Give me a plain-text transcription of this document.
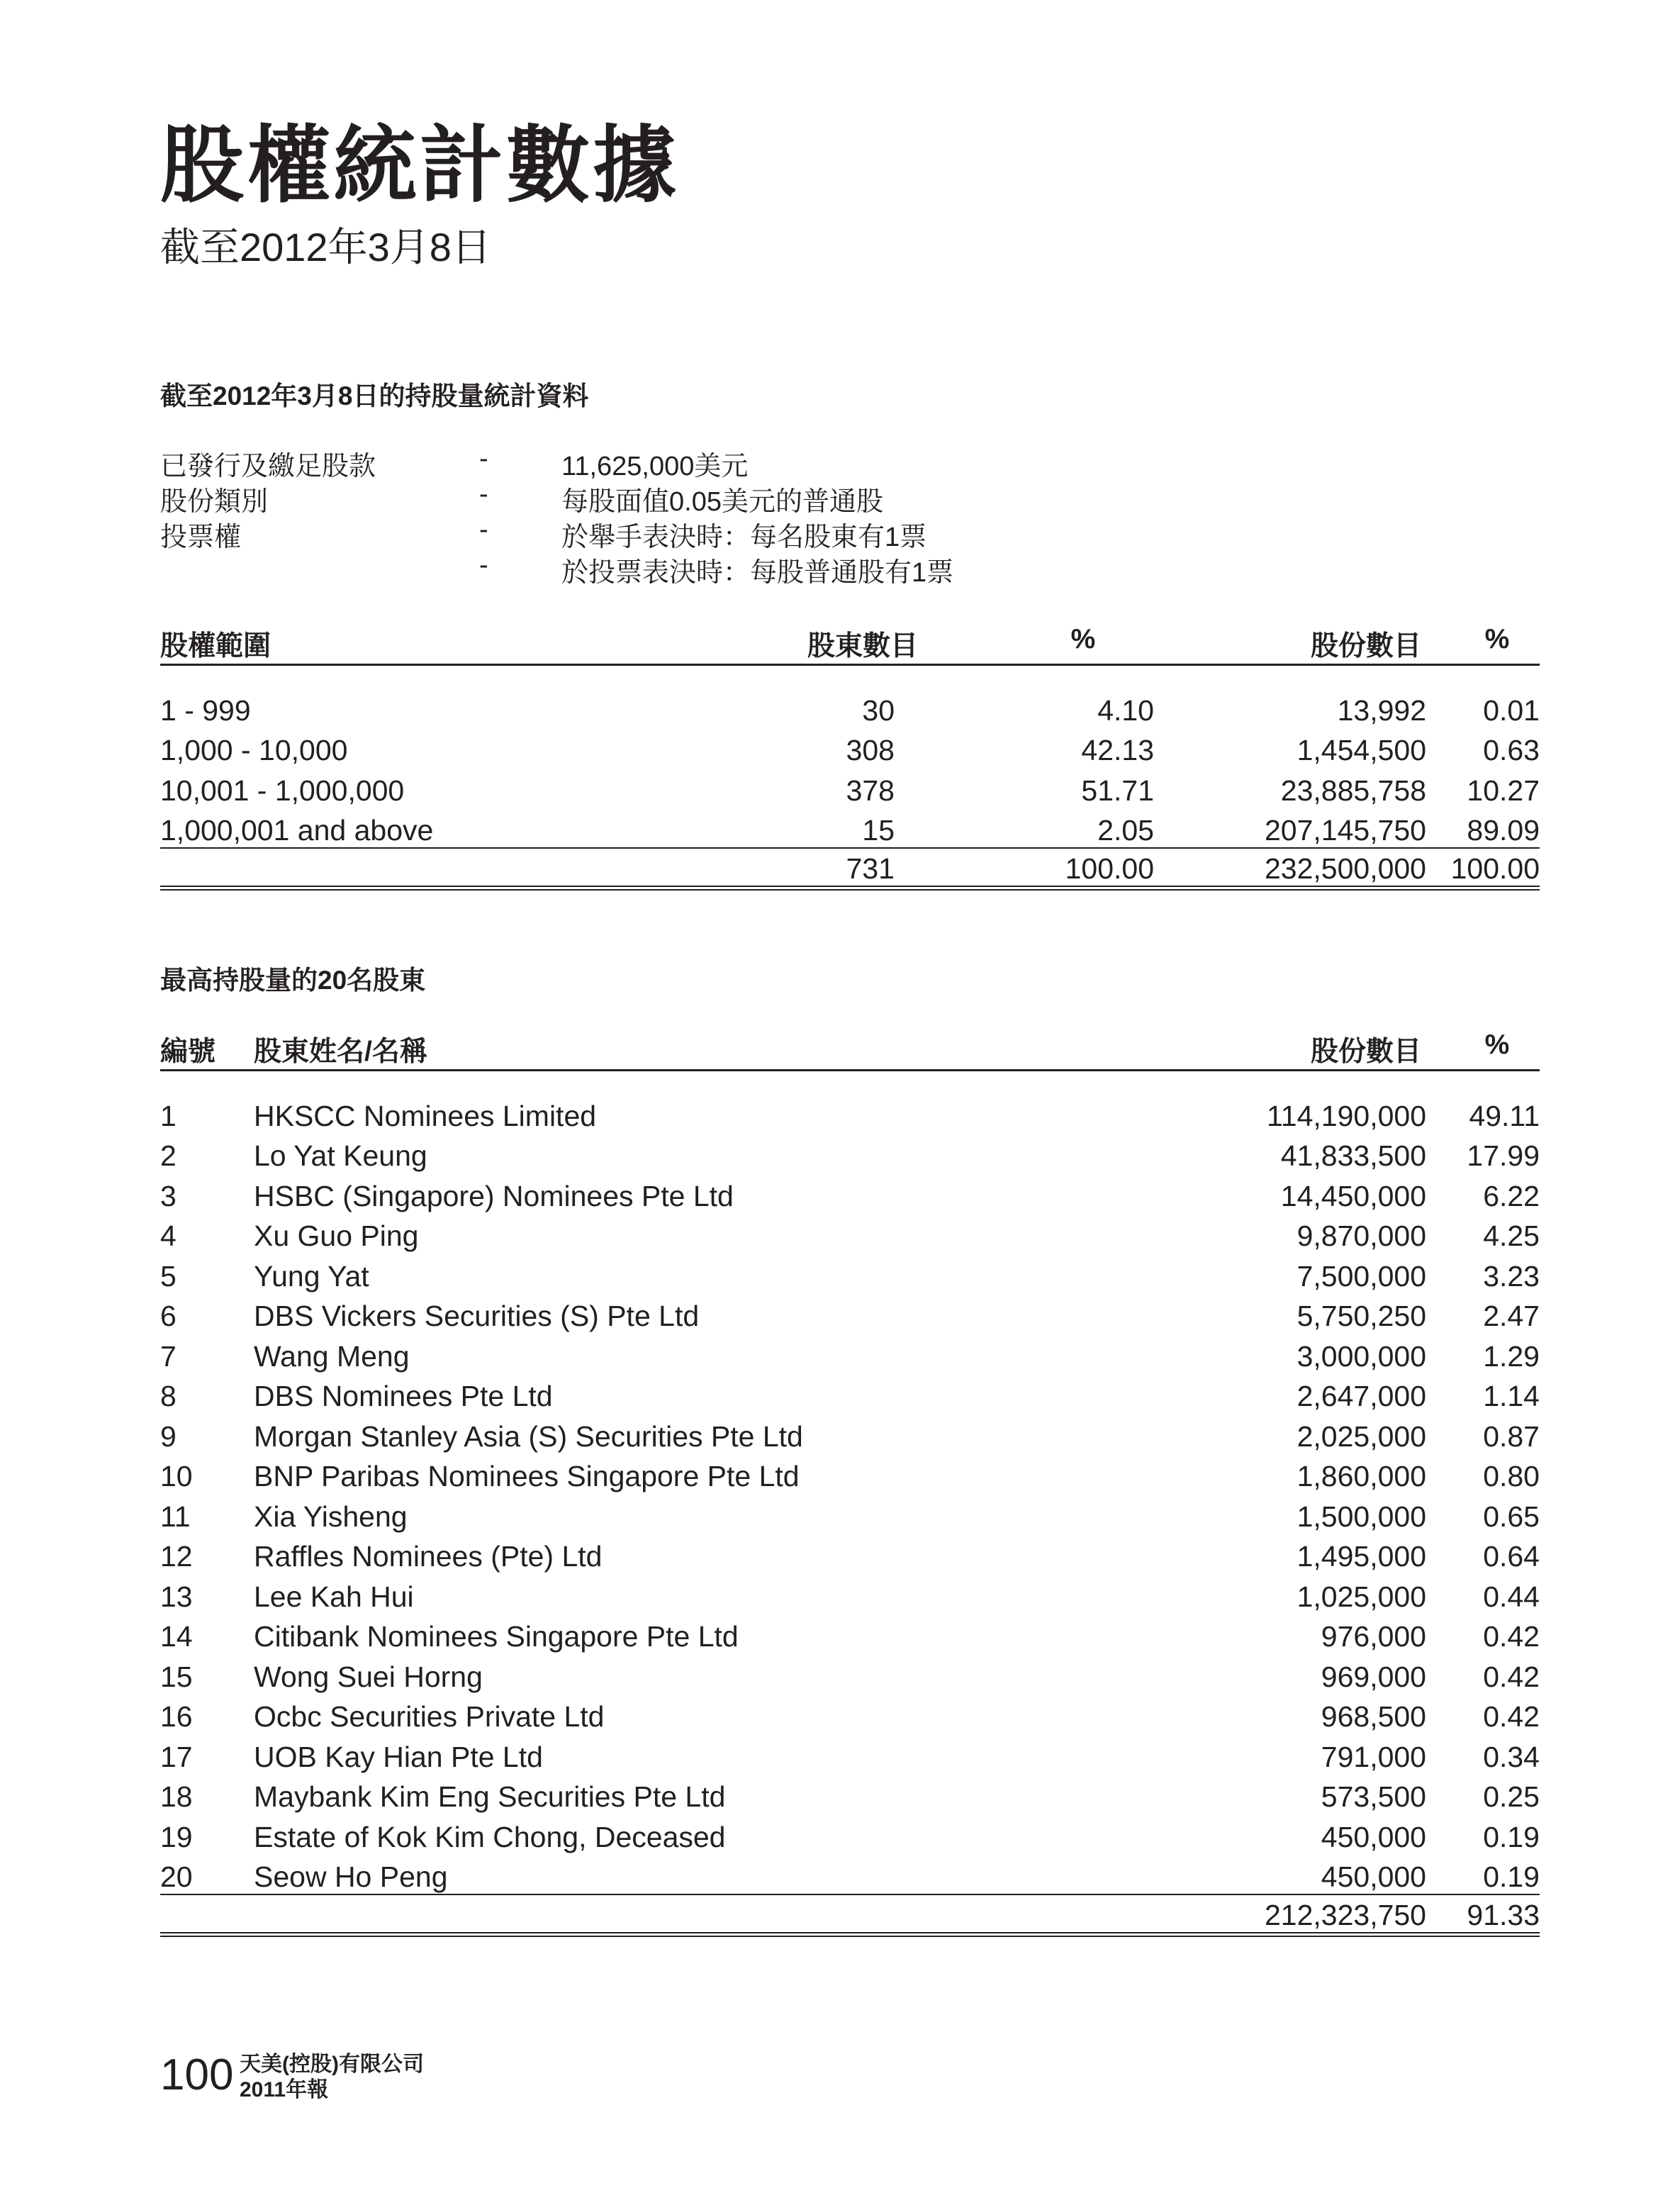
股權統計數據
截至2012年3月8日
截至2012年3月8日的持股量統計資料
已發行及繳足股款	-	11,625,000美元
股份類別	-	每股面值0.05美元的普通股
投票權	-	於舉手表決時：每名股東有1票
-	於投票表決時：每股普通股有1票
股權範圍	股東數目	%	股份數目	%

1 - 999	30	4.10	13,992	0.01
1,000 - 10,000	308	42.13	1,454,500	0.63
10,001 - 1,000,000	378	51.71	23,885,758	10.27
1,000,001 and above	15	2.05	207,145,750	89.09
	731	100.00	232,500,000	100.00
最高持股量的20名股東
編號	股東姓名/名稱	股份數目	%

1	HKSCC Nominees Limited	114,190,000	49.11
2	Lo Yat Keung	41,833,500	17.99
3	HSBC (Singapore) Nominees Pte Ltd	14,450,000	6.22
4	Xu Guo Ping	9,870,000	4.25
5	Yung Yat	7,500,000	3.23
6	DBS Vickers Securities (S) Pte Ltd	5,750,250	2.47
7	Wang Meng	3,000,000	1.29
8	DBS Nominees Pte Ltd	2,647,000	1.14
9	Morgan Stanley Asia (S) Securities Pte Ltd	2,025,000	0.87
10	BNP Paribas Nominees Singapore Pte Ltd	1,860,000	0.80
11	Xia Yisheng	1,500,000	0.65
12	Raffles Nominees (Pte) Ltd	1,495,000	0.64
13	Lee Kah Hui	1,025,000	0.44
14	Citibank Nominees Singapore Pte Ltd	976,000	0.42
15	Wong Suei Horng	969,000	0.42
16	Ocbc Securities Private Ltd	968,500	0.42
17	UOB Kay Hian Pte Ltd	791,000	0.34
18	Maybank Kim Eng Securities Pte Ltd	573,500	0.25
19	Estate of Kok Kim Chong, Deceased	450,000	0.19
20	Seow Ho Peng	450,000	0.19
		212,323,750	91.33
100 天美(控股)有限公司
2011年報
